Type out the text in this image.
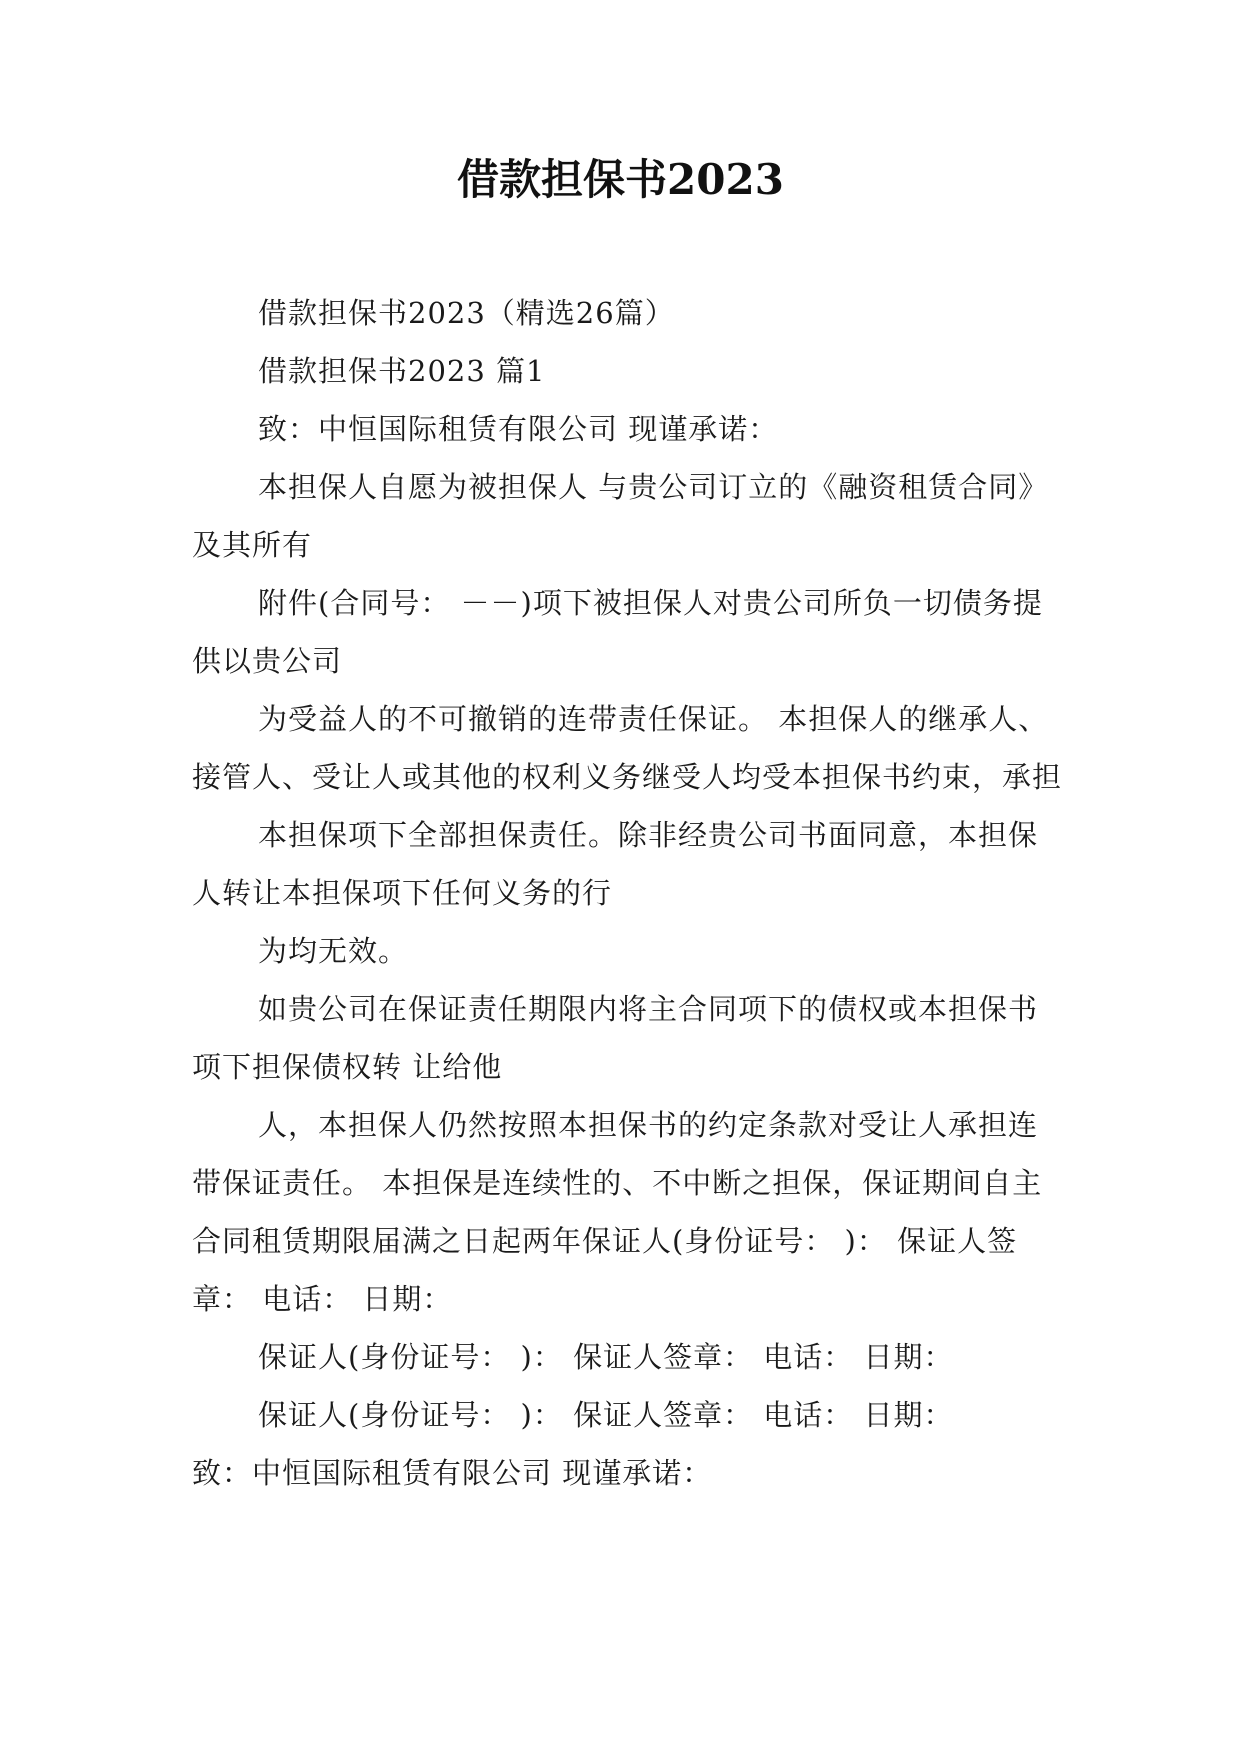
借款担保书2023

借款担保书2023（精选26篇）

借款担保书2023 篇1

致：中恒国际租赁有限公司 现谨承诺：

本担保人自愿为被担保人 与贵公司订立的《融资租赁合同》及其所有

附件(合同号： －－)项下被担保人对贵公司所负一切债务提供以贵公司

为受益人的不可撤销的连带责任保证。 本担保人的继承人、接管人、受让人或其他的权利义务继受人均受本担保书约束，承担

本担保项下全部担保责任。除非经贵公司书面同意，本担保人转让本担保项下任何义务的行

为均无效。

如贵公司在保证责任期限内将主合同项下的债权或本担保书项下担保债权转 让给他

人，本担保人仍然按照本担保书的约定条款对受让人承担连带保证责任。 本担保是连续性的、不中断之担保，保证期间自主合同租赁期限届满之日起两年保证人(身份证号： )： 保证人签章： 电话： 日期：

保证人(身份证号： )： 保证人签章： 电话： 日期：

保证人(身份证号： )： 保证人签章： 电话： 日期：

致：中恒国际租赁有限公司 现谨承诺：
